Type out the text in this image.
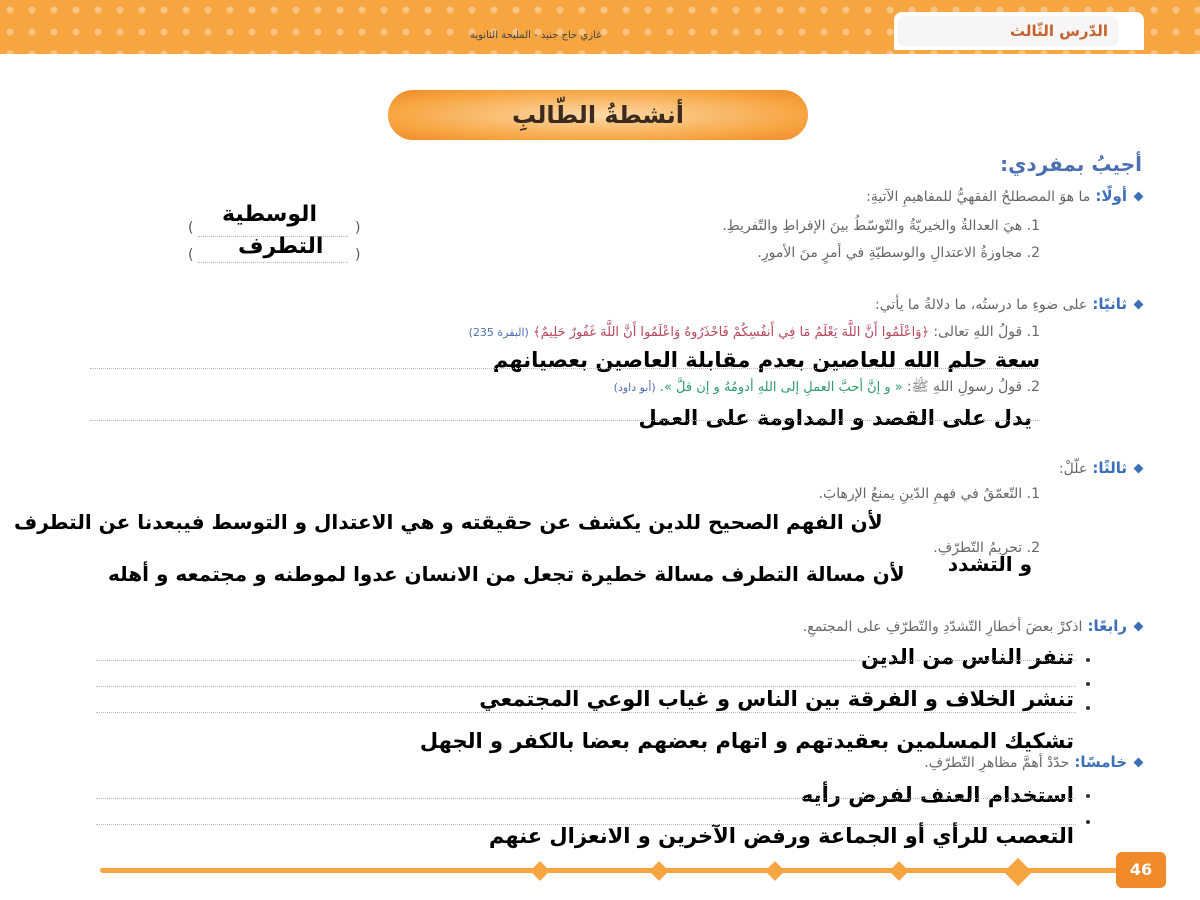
الدّرس الثّالث
غازي حاج جنيد - المليحة الثانوية
أنشطةُ الطّالبِ
أجيبُ بمفردي:
أولًا: ما هوَ المصطلحُ الفقهيُّ للمفاهيمِ الآتيةِ:
1. هيَ العدالةُ والخيريّةُ والتّوسّطُ بينَ الإفراطِ والتّفريطِ.
2. مجاوزةُ الاعتدالِ والوسطيّةِ في أمرٍ منَ الأمورِ.
)
(
)
(
الوسطية
التطرف
ثانيًا: على ضوءِ ما درستُه، ما دلالةُ ما يأتي:
1. قولُ اللهِ تعالى: ﴿وَاعْلَمُوا أَنَّ اللَّهَ يَعْلَمُ مَا فِي أَنفُسِكُمْ فَاحْذَرُوهُ وَاعْلَمُوا أَنَّ اللَّهَ غَفُورٌ حَلِيمٌ﴾ (البقرة 235)
سعة حلم الله للعاصين بعدم مقابلة العاصين بعصيانهم
2. قولُ رسولِ اللهِ ﷺ: « و إنَّ أحبَّ العملِ إلى اللهِ أدومُهُ و إن قلَّ ». (أبو داود)
يدل على القصد و المداومة على العمل
ثالثًا: علّلْ:
1. التّعمّقُ في فهمِ الدّينِ يمنعُ الإرهابَ.
لأن الفهم الصحيح للدين يكشف عن حقيقته و هي الاعتدال و التوسط فيبعدنا عن التطرف
و التشدد
2. تحريمُ التّطرّفِ.
لأن مسالة التطرف مسالة خطيرة تجعل من الانسان عدوا لموطنه و مجتمعه و أهله
رابعًا: اذكرْ بعضَ أخطارِ التّشدّدِ والتّطرّفِ على المجتمعِ.
تنفر الناس من الدين
تنشر الخلاف و الفرقة بين الناس و غياب الوعي المجتمعي
تشكيك المسلمين بعقيدتهم و اتهام بعضهم بعضا بالكفر و الجهل
خامسًا: حدّدْ أهمَّ مظاهرِ التّطرّفِ.
استخدام العنف لفرض رأيه
التعصب للرأي أو الجماعة ورفض الآخرين و الانعزال عنهم
46
